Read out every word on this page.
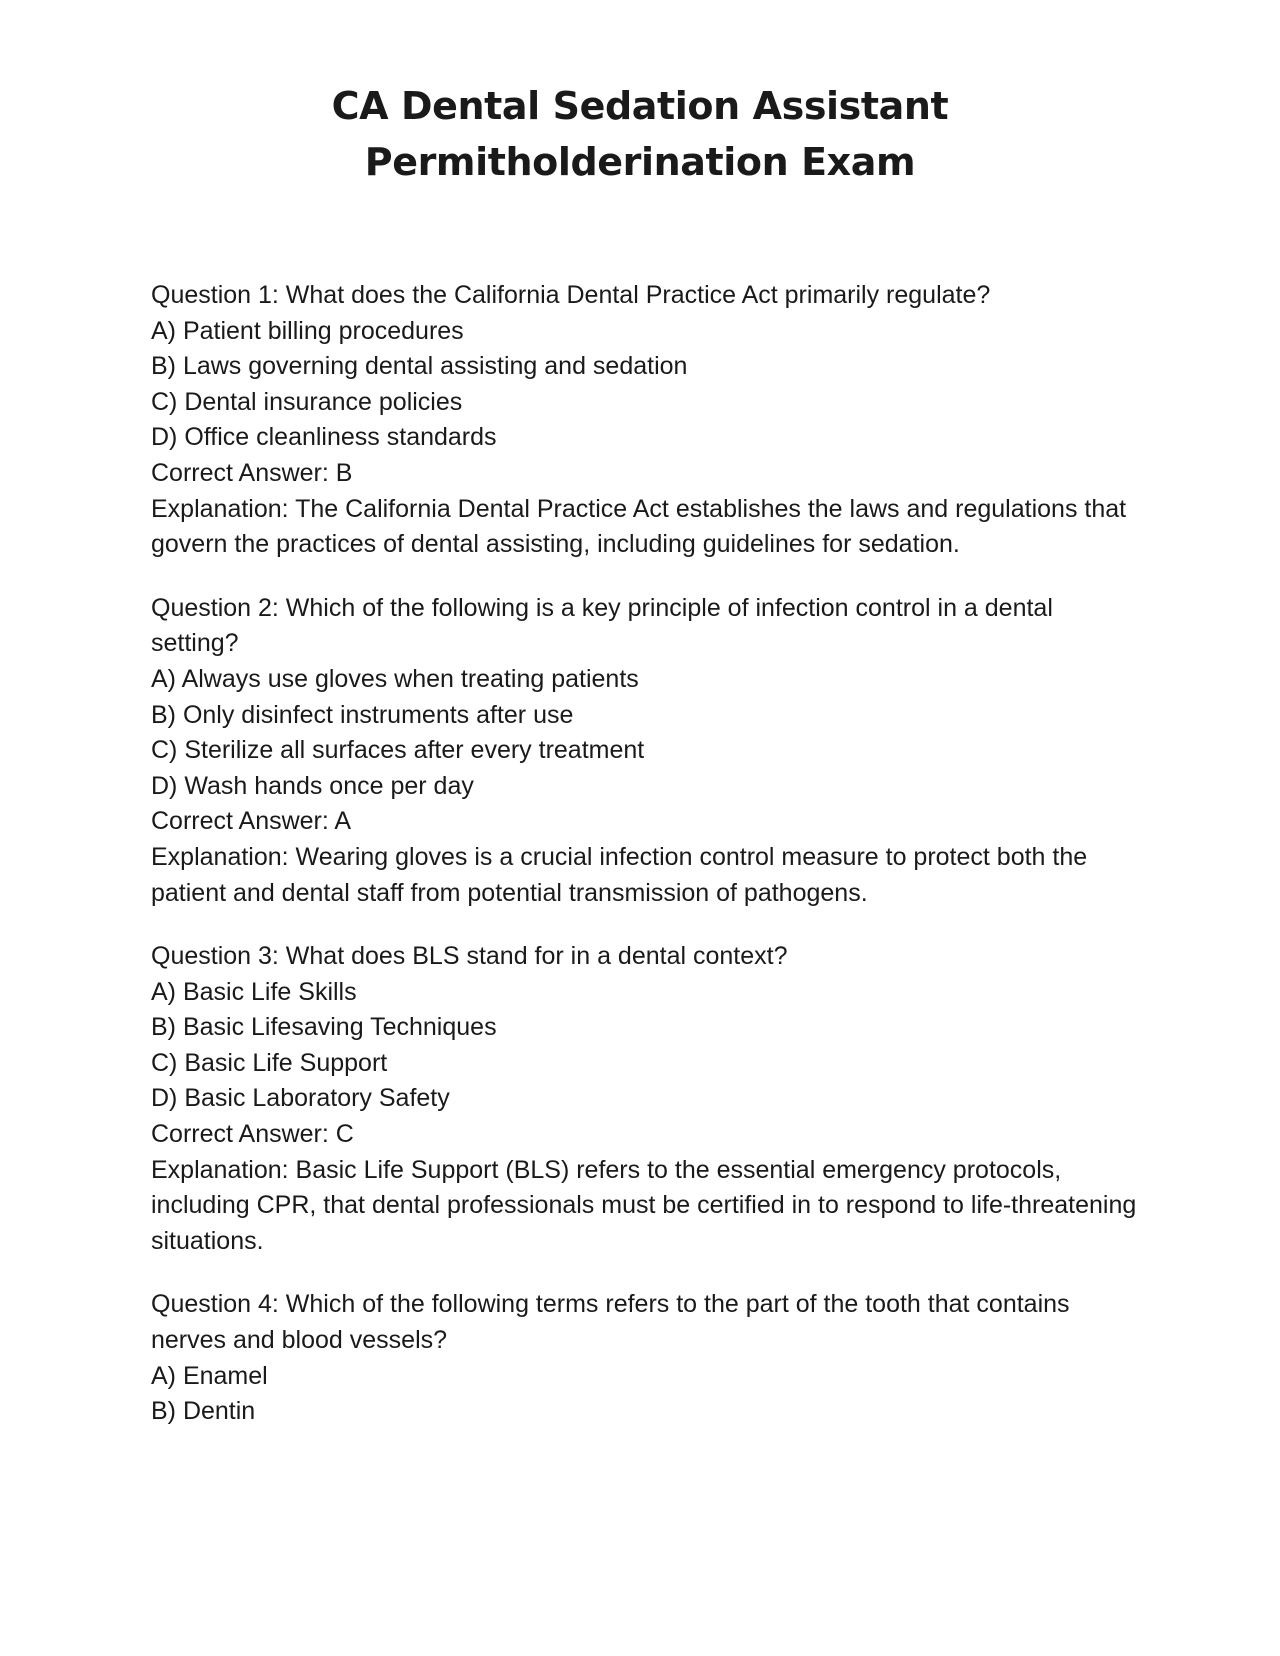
CA Dental Sedation Assistant Permitholderination Exam
Question 1: What does the California Dental Practice Act primarily regulate?
A) Patient billing procedures
B) Laws governing dental assisting and sedation
C) Dental insurance policies
D) Office cleanliness standards
Correct Answer: B
Explanation: The California Dental Practice Act establishes the laws and regulations that govern the practices of dental assisting, including guidelines for sedation.
Question 2: Which of the following is a key principle of infection control in a dental setting?
A) Always use gloves when treating patients
B) Only disinfect instruments after use
C) Sterilize all surfaces after every treatment
D) Wash hands once per day
Correct Answer: A
Explanation: Wearing gloves is a crucial infection control measure to protect both the patient and dental staff from potential transmission of pathogens.
Question 3: What does BLS stand for in a dental context?
A) Basic Life Skills
B) Basic Lifesaving Techniques
C) Basic Life Support
D) Basic Laboratory Safety
Correct Answer: C
Explanation: Basic Life Support (BLS) refers to the essential emergency protocols, including CPR, that dental professionals must be certified in to respond to life-threatening situations.
Question 4: Which of the following terms refers to the part of the tooth that contains nerves and blood vessels?
A) Enamel
B) Dentin
